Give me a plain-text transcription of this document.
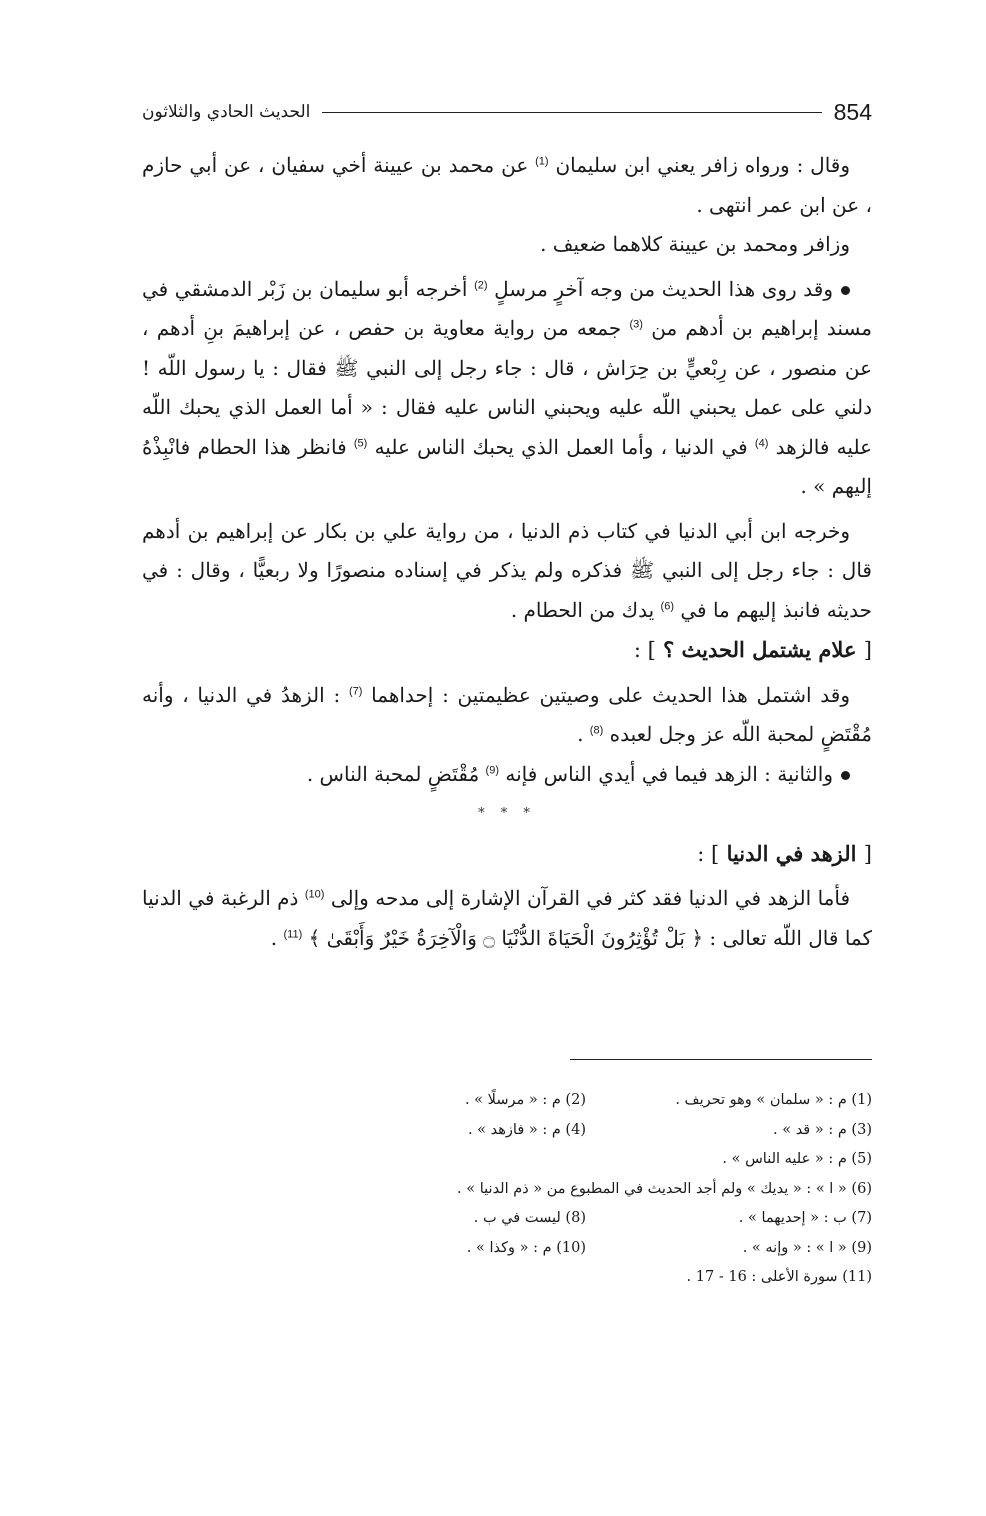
854
الحديث الحادي والثلاثون

وقال : ورواه زافر يعني ابن سليمان $^{(1)}$ عن محمد بن عيينة أخي سفيان ، عن أبي حازم ، عن ابن عمر انتهى .

وزافر ومحمد بن عيينة كلاهما ضعيف .

وقد روى هذا الحديث من وجه آخرٍ مرسلٍ $^{(2)}$ أخرجه أبو سليمان بن زَبْر الدمشقي في مسند إبراهيم بن أدهم من $^{(3)}$ جمعه من رواية معاوية بن حفص ، عن إبراهيمَ بنِ أدهم ، عن منصور ، عن رِبْعيٍّ بن حِرَاش ، قال : جاء رجل إلى النبي ﷺ فقال : يا رسول اللّه ! دلني على عمل يحبني اللّه عليه ويحبني الناس عليه فقال : « أما العمل الذي يحبك اللّه عليه فالزهد $^{(4)}$ في الدنيا ، وأما العمل الذي يحبك الناس عليه $^{(5)}$ فانظر هذا الحطام فانْبِذْهُ إليهم » .

وخرجه ابن أبي الدنيا في كتاب ذم الدنيا ، من رواية علي بن بكار عن إبراهيم بن أدهم قال : جاء رجل إلى النبي ﷺ فذكره ولم يذكر في إسناده منصورًا ولا ربعيًّا ، وقال : في حديثه فانبذ إليهم ما في $^{(6)}$ يدك من الحطام .

[ علام يشتمل الحديث ؟ ] :

وقد اشتمل هذا الحديث على وصيتين عظيمتين : إحداهما $^{(7)}$ : الزهدُ في الدنيا ، وأنه مُقْتَضٍ لمحبة اللّه عز وجل لعبده $^{(8)}$ .

والثانية : الزهد فيما في أيدي الناس فإنه $^{(9)}$ مُقْتَضٍ لمحبة الناس .

* * *

[ الزهد في الدنيا ] :

فأما الزهد في الدنيا فقد كثر في القرآن الإشارة إلى مدحه وإلى $^{(10)}$ ذم الرغبة في الدنيا كما قال اللّه تعالى : ﴿ بَلْ تُؤْثِرُونَ الْحَيَاةَ الدُّنْيَا ۝ وَالْآخِرَةُ خَيْرٌ وَأَبْقَىٰ ﴾ $^{(11)}$ .

(1) م : « سلمان » وهو تحريف .
(2) م : « مرسلًا » .
(3) م : « قد » .
(4) م : « فازهد » .
(5) م : « عليه الناس » .
(6) « ا » : « يديك » ولم أجد الحديث في المطبوع من « ذم الدنيا » .
(7) ب : « إحديهما » .
(8) ليست في ب .
(9) « ا » : « وإنه » .
(10) م : « وكذا » .
(11) سورة الأعلى : 16 - 17 .
